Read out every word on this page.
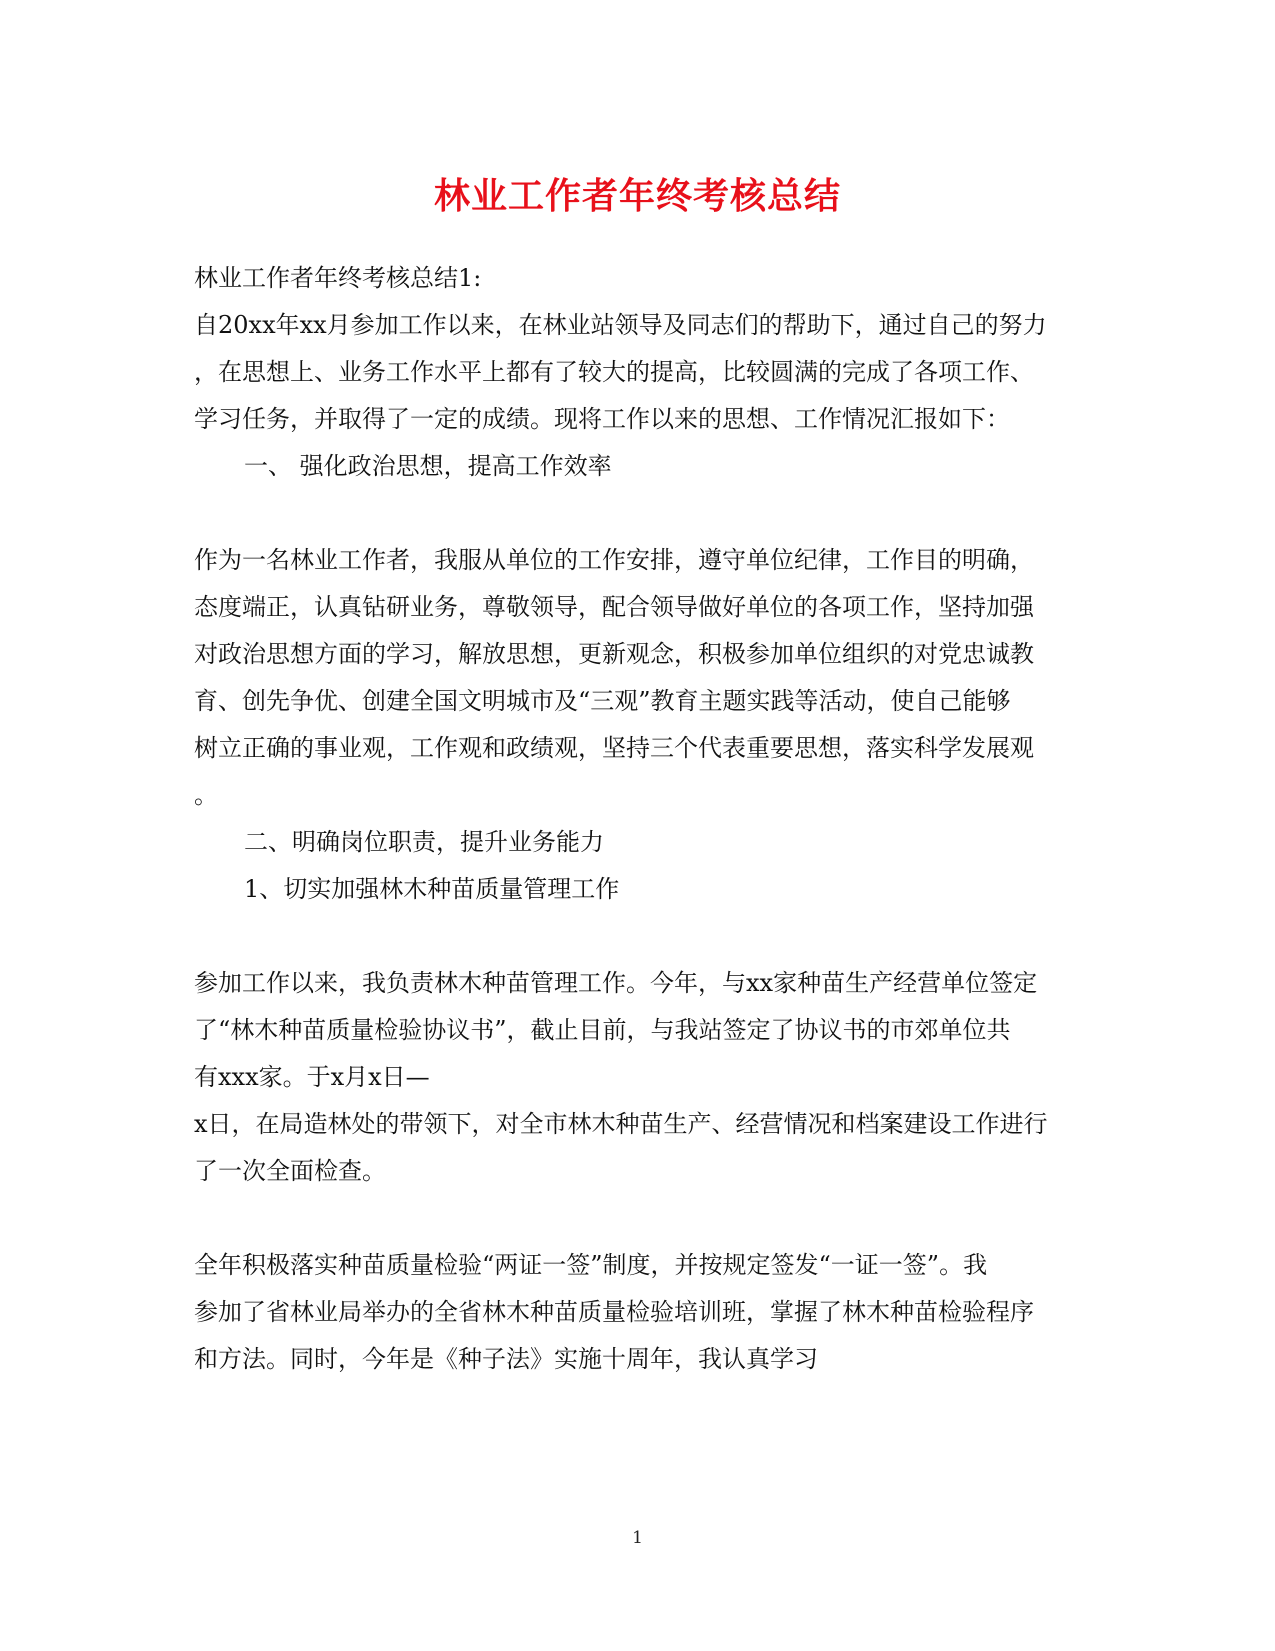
林业工作者年终考核总结
林业工作者年终考核总结1:
自20xx年xx月参加工作以来，在林业站领导及同志们的帮助下，通过自己的努力
，在思想上、业务工作水平上都有了较大的提高，比较圆满的完成了各项工作、
学习任务，并取得了一定的成绩。现将工作以来的思想、工作情况汇报如下：
一、 强化政治思想，提高工作效率
作为一名林业工作者，我服从单位的工作安排，遵守单位纪律，工作目的明确，
态度端正，认真钻研业务，尊敬领导，配合领导做好单位的各项工作，坚持加强
对政治思想方面的学习，解放思想，更新观念，积极参加单位组织的对党忠诚教
育、创先争优、创建全国文明城市及“三观”教育主题实践等活动，使自己能够
树立正确的事业观，工作观和政绩观，坚持三个代表重要思想，落实科学发展观
。
二、明确岗位职责，提升业务能力
1、切实加强林木种苗质量管理工作
参加工作以来，我负责林木种苗管理工作。今年，与xx家种苗生产经营单位签定
了“林木种苗质量检验协议书”，截止目前，与我站签定了协议书的市郊单位共
有xxx家。于x月x日—
x日，在局造林处的带领下，对全市林木种苗生产、经营情况和档案建设工作进行
了一次全面检查。
全年积极落实种苗质量检验“两证一签”制度，并按规定签发“一证一签”。我
参加了省林业局举办的全省林木种苗质量检验培训班，掌握了林木种苗检验程序
和方法。同时，今年是《种子法》实施十周年，我认真学习
1
